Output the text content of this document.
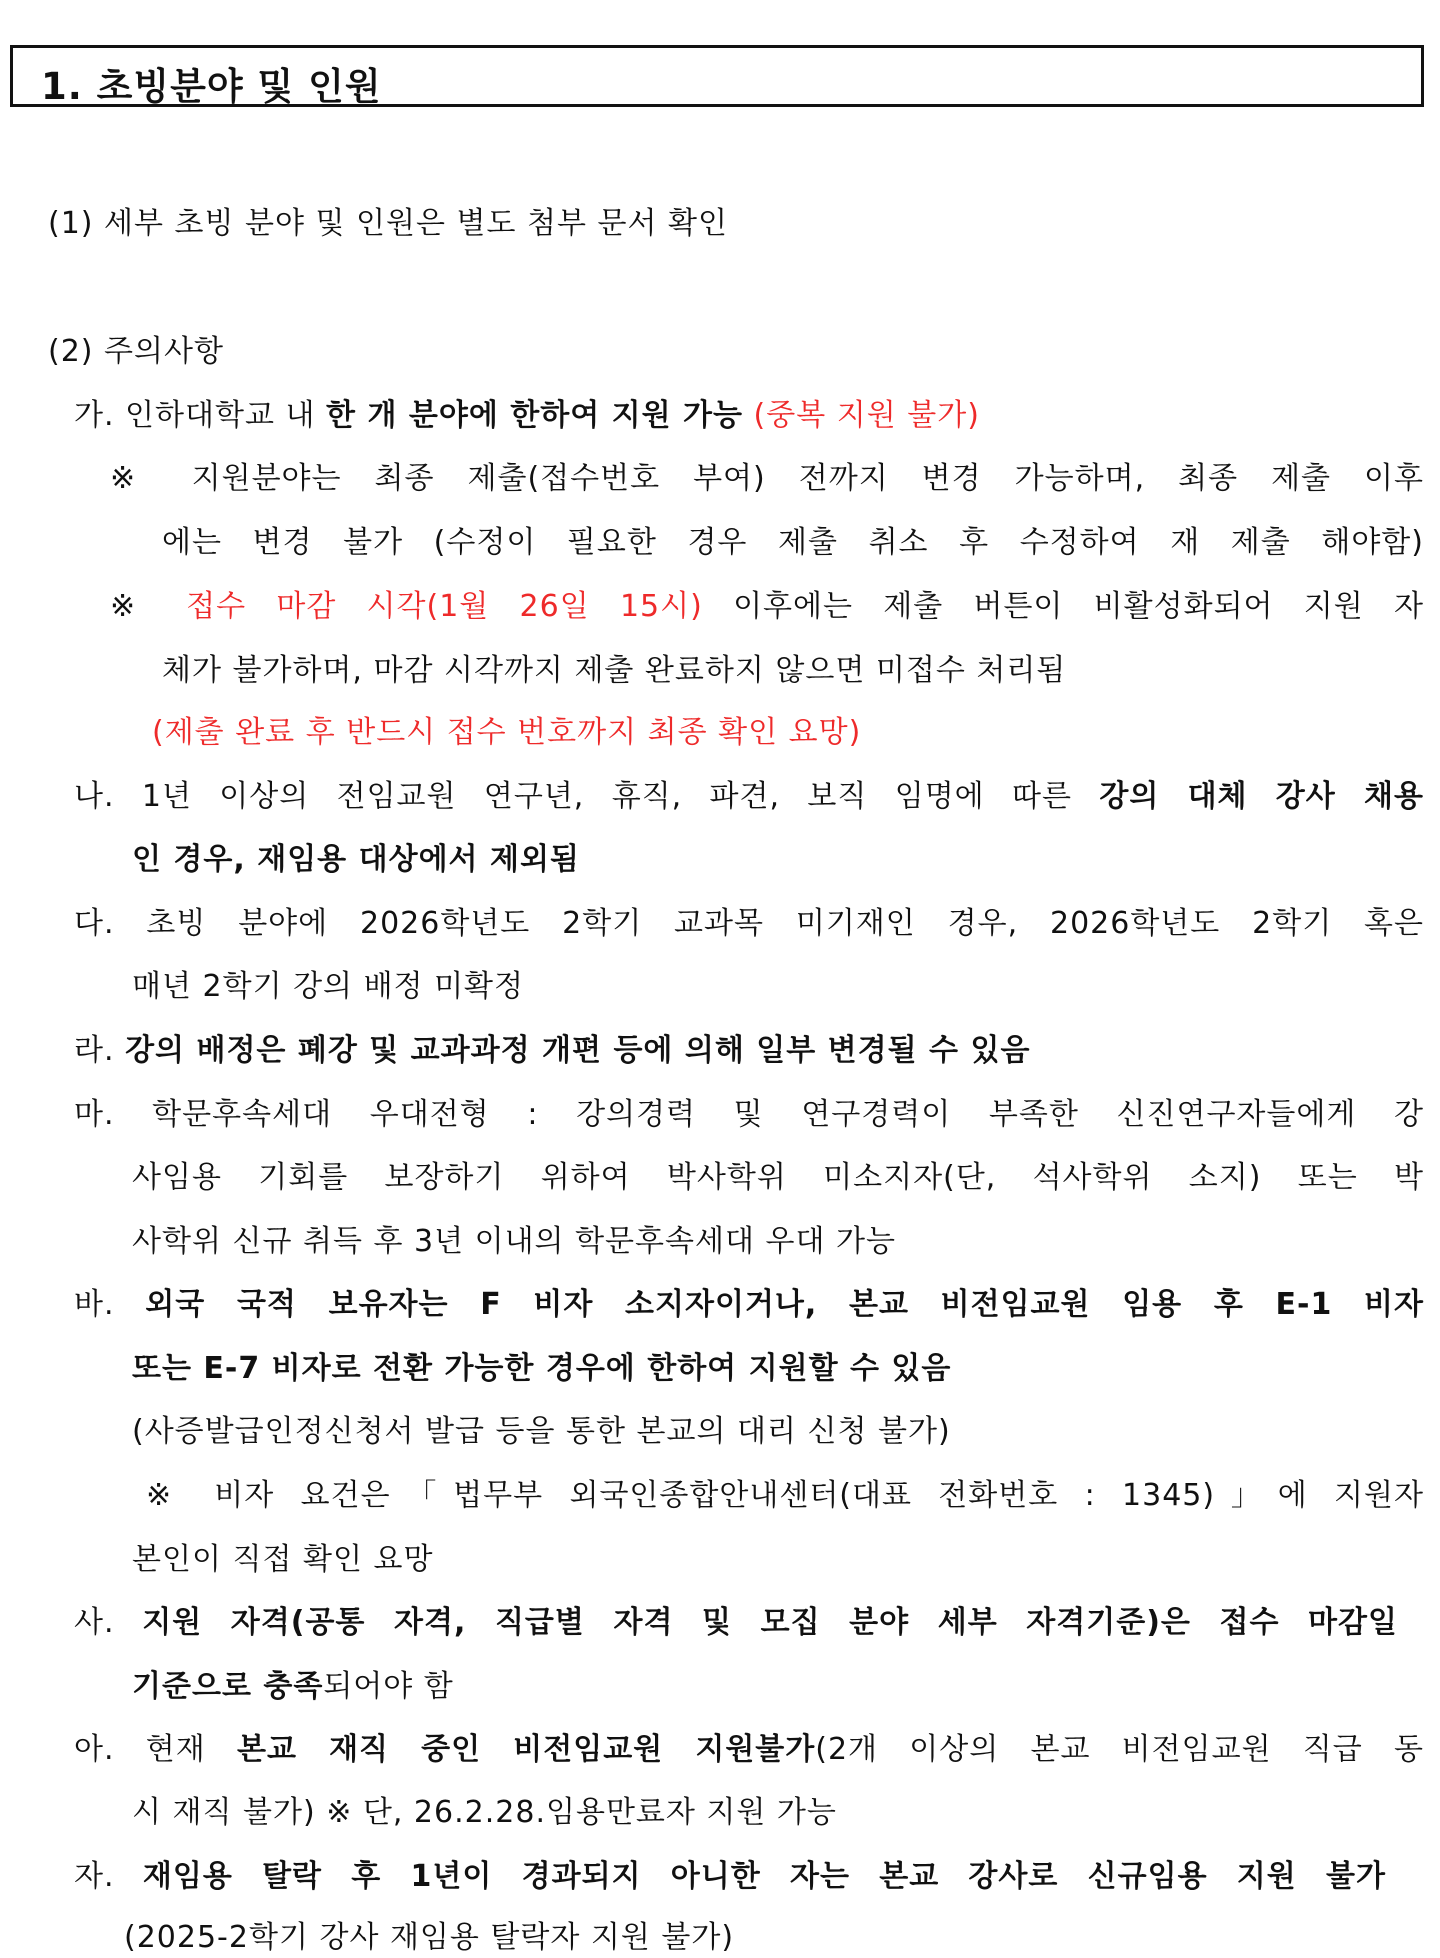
1. 초빙분야 및 인원
(1) 세부 초빙 분야 및 인원은 별도 첨부 문서 확인
(2) 주의사항
가. 인하대학교 내 한 개 분야에 한하여 지원 가능 (중복 지원 불가)
※ 지원분야는 최종 제출(접수번호 부여) 전까지 변경 가능하며, 최종 제출 이후
에는 변경 불가 (수정이 필요한 경우 제출 취소 후 수정하여 재 제출 해야함)
※ 접수 마감 시각(1월 26일 15시) 이후에는 제출 버튼이 비활성화되어 지원 자
체가 불가하며, 마감 시각까지 제출 완료하지 않으면 미접수 처리됨
(제출 완료 후 반드시 접수 번호까지 최종 확인 요망)
나. 1년 이상의 전임교원 연구년, 휴직, 파견, 보직 임명에 따른 강의 대체 강사 채용
인 경우, 재임용 대상에서 제외됨
다. 초빙 분야에 2026학년도 2학기 교과목 미기재인 경우, 2026학년도 2학기 혹은
매년 2학기 강의 배정 미확정
라. 강의 배정은 폐강 및 교과과정 개편 등에 의해 일부 변경될 수 있음
마. 학문후속세대 우대전형 : 강의경력 및 연구경력이 부족한 신진연구자들에게 강
사임용 기회를 보장하기 위하여 박사학위 미소지자(단, 석사학위 소지) 또는 박
사학위 신규 취득 후 3년 이내의 학문후속세대 우대 가능
바. 외국 국적 보유자는 F 비자 소지자이거나, 본교 비전임교원 임용 후 E-1 비자
또는 E-7 비자로 전환 가능한 경우에 한하여 지원할 수 있음
(사증발급인정신청서 발급 등을 통한 본교의 대리 신청 불가)
※ 비자 요건은「법무부 외국인종합안내센터(대표 전화번호 : 1345)」에 지원자
본인이 직접 확인 요망
사. 지원 자격(공통 자격, 직급별 자격 및 모집 분야 세부 자격기준)은 접수 마감일
기준으로 충족되어야 함
아. 현재 본교 재직 중인 비전임교원 지원불가(2개 이상의 본교 비전임교원 직급 동
시 재직 불가) ※ 단, 26.2.28.임용만료자 지원 가능
자. 재임용 탈락 후 1년이 경과되지 아니한 자는 본교 강사로 신규임용 지원 불가
(2025-2학기 강사 재임용 탈락자 지원 불가)
